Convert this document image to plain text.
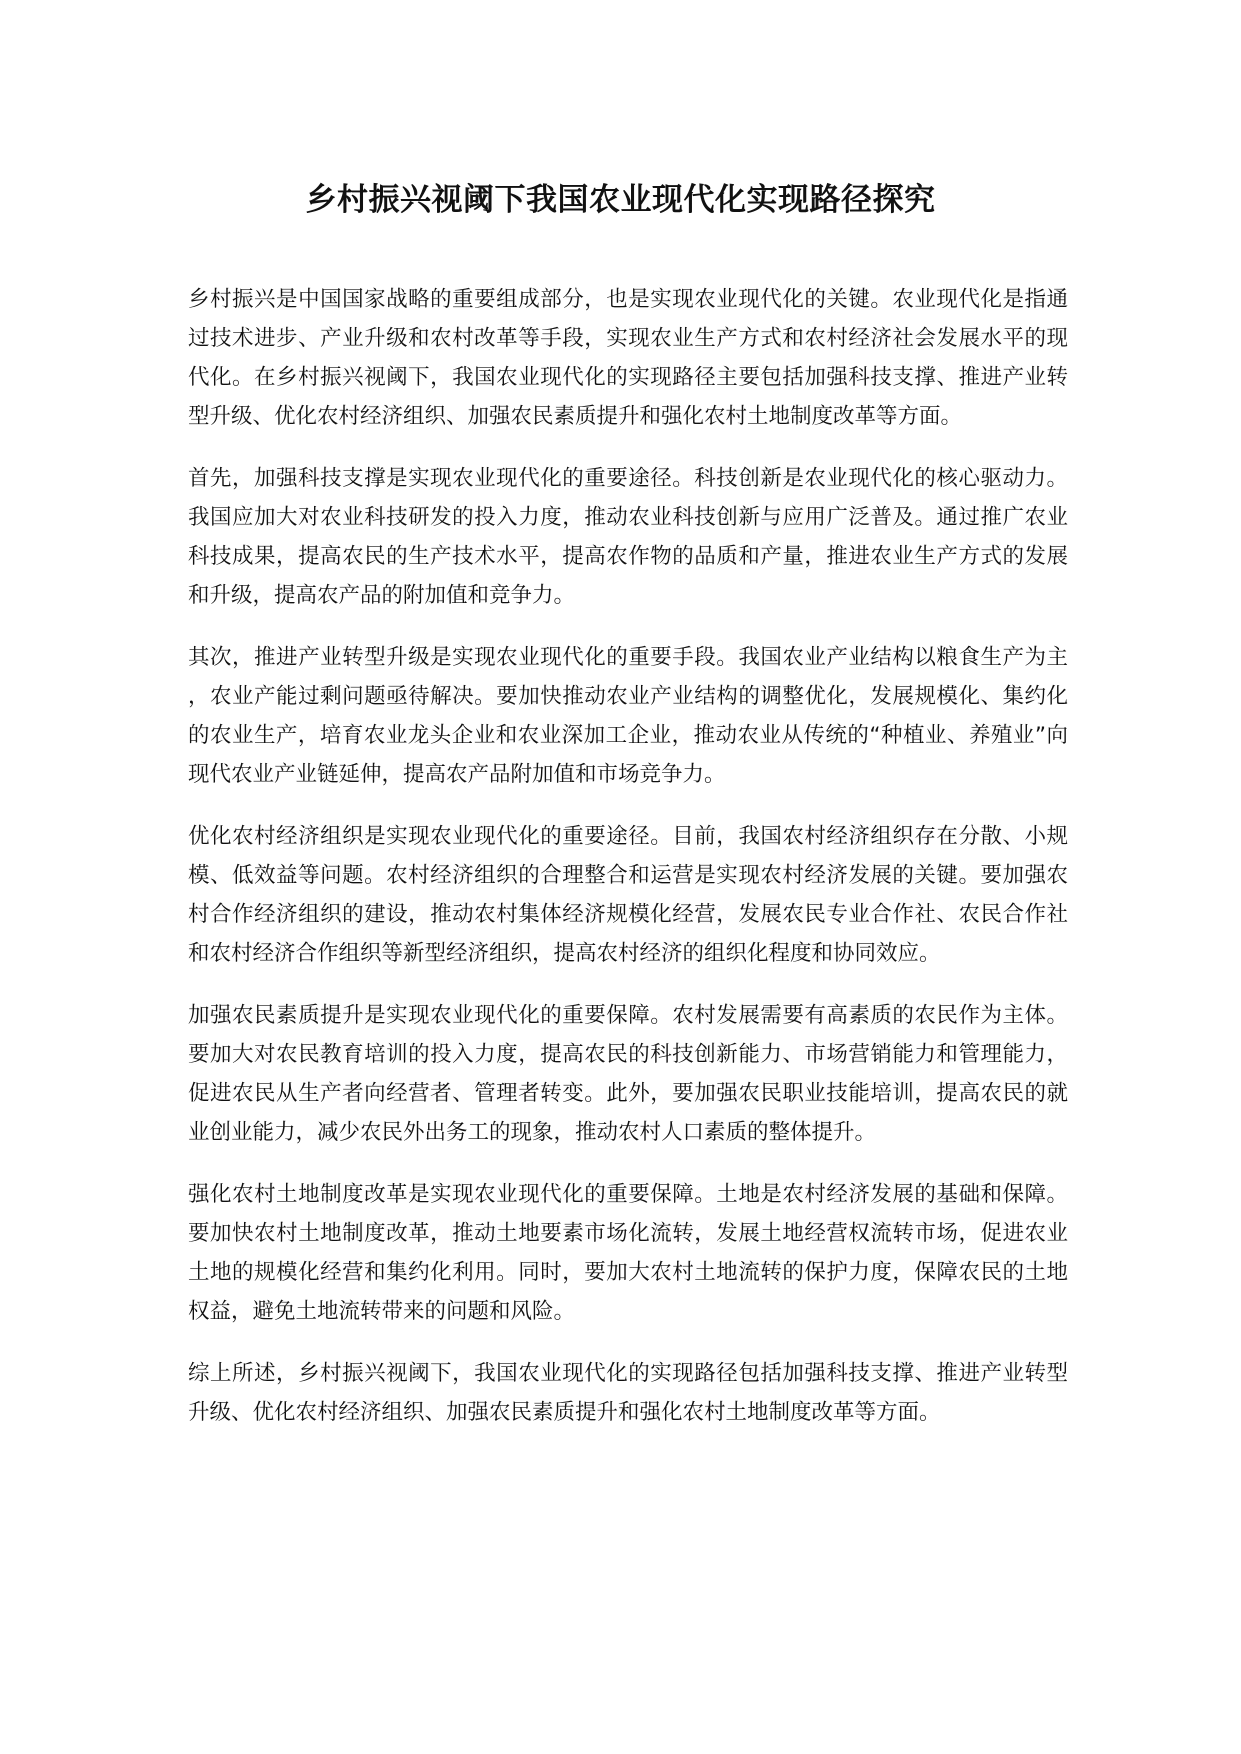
乡村振兴视阈下我国农业现代化实现路径探究

乡村振兴是中国国家战略的重要组成部分，也是实现农业现代化的关键。农业现代化是指通过技术进步、产业升级和农村改革等手段，实现农业生产方式和农村经济社会发展水平的现代化。在乡村振兴视阈下，我国农业现代化的实现路径主要包括加强科技支撑、推进产业转型升级、优化农村经济组织、加强农民素质提升和强化农村土地制度改革等方面。

首先，加强科技支撑是实现农业现代化的重要途径。科技创新是农业现代化的核心驱动力。我国应加大对农业科技研发的投入力度，推动农业科技创新与应用广泛普及。通过推广农业科技成果，提高农民的生产技术水平，提高农作物的品质和产量，推进农业生产方式的发展和升级，提高农产品的附加值和竞争力。

其次，推进产业转型升级是实现农业现代化的重要手段。我国农业产业结构以粮食生产为主，农业产能过剩问题亟待解决。要加快推动农业产业结构的调整优化，发展规模化、集约化的农业生产，培育农业龙头企业和农业深加工企业，推动农业从传统的“种植业、养殖业”向现代农业产业链延伸，提高农产品附加值和市场竞争力。

优化农村经济组织是实现农业现代化的重要途径。目前，我国农村经济组织存在分散、小规模、低效益等问题。农村经济组织的合理整合和运营是实现农村经济发展的关键。要加强农村合作经济组织的建设，推动农村集体经济规模化经营，发展农民专业合作社、农民合作社和农村经济合作组织等新型经济组织，提高农村经济的组织化程度和协同效应。

加强农民素质提升是实现农业现代化的重要保障。农村发展需要有高素质的农民作为主体。要加大对农民教育培训的投入力度，提高农民的科技创新能力、市场营销能力和管理能力，促进农民从生产者向经营者、管理者转变。此外，要加强农民职业技能培训，提高农民的就业创业能力，减少农民外出务工的现象，推动农村人口素质的整体提升。

强化农村土地制度改革是实现农业现代化的重要保障。土地是农村经济发展的基础和保障。要加快农村土地制度改革，推动土地要素市场化流转，发展土地经营权流转市场，促进农业土地的规模化经营和集约化利用。同时，要加大农村土地流转的保护力度，保障农民的土地权益，避免土地流转带来的问题和风险。

综上所述，乡村振兴视阈下，我国农业现代化的实现路径包括加强科技支撑、推进产业转型升级、优化农村经济组织、加强农民素质提升和强化农村土地制度改革等方面。
